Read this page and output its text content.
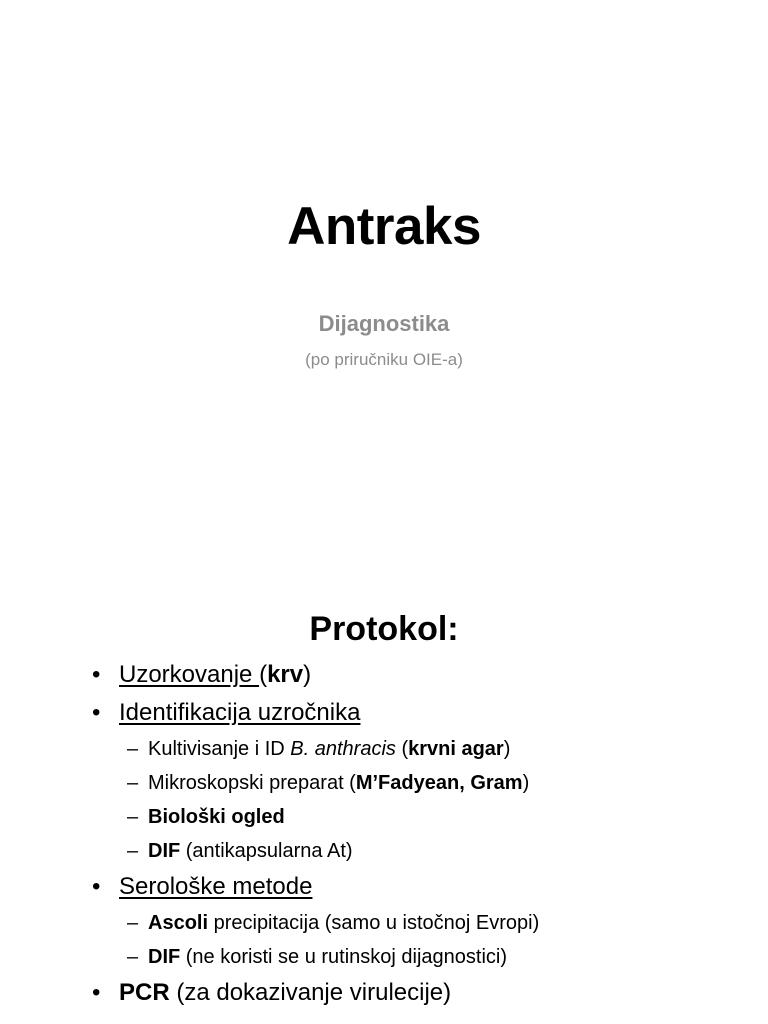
Antraks
Dijagnostika
(po priručniku OIE-a)
Protokol:
• Uzorkovanje (krv)
• Identifikacija uzročnika
– Kultivisanje i ID B. anthracis (krvni agar)
– Mikroskopski preparat (M’Fadyean, Gram)
– Biološki ogled
– DIF (antikapsularna At)
• Serološke metode
– Ascoli precipitacija (samo u istočnoj Evropi)
– DIF (ne koristi se u rutinskoj dijagnostici)
• PCR (za dokazivanje virulecije)
